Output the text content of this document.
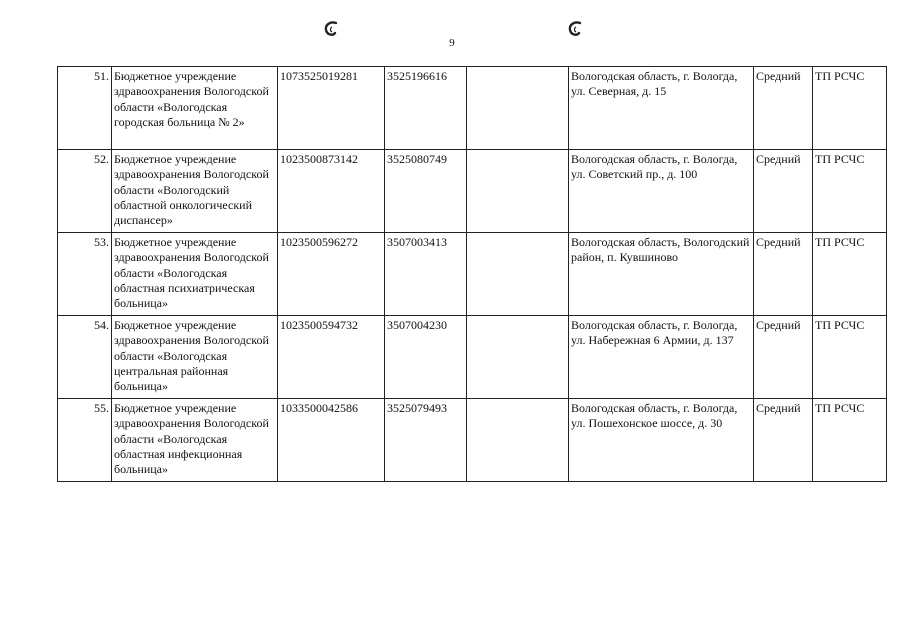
9
51.	Бюджетное учреждение здравоохранения Вологодской области «Вологодская городская больница № 2»	1073525019281	3525196616		Вологодская область, г. Вологда, ул. Северная, д. 15	Средний	ТП РСЧС
52.	Бюджетное учреждение здравоохранения Вологодской области «Вологодский областной онкологический диспансер»	1023500873142	3525080749		Вологодская область, г. Вологда, ул. Советский пр., д. 100	Средний	ТП РСЧС
53.	Бюджетное учреждение здравоохранения Вологодской области «Вологодская областная психиатрическая больница»	1023500596272	3507003413		Вологодская область, Вологодский район, п. Кувшиново	Средний	ТП РСЧС
54.	Бюджетное учреждение здравоохранения Вологодской области «Вологодская центральная районная больница»	1023500594732	3507004230		Вологодская область, г. Вологда, ул. Набережная 6 Армии, д. 137	Средний	ТП РСЧС
55.	Бюджетное учреждение здравоохранения Вологодской области «Вологодская областная инфекционная больница»	1033500042586	3525079493		Вологодская область, г. Вологда, ул. Пошехонское шоссе, д. 30	Средний	ТП РСЧС
